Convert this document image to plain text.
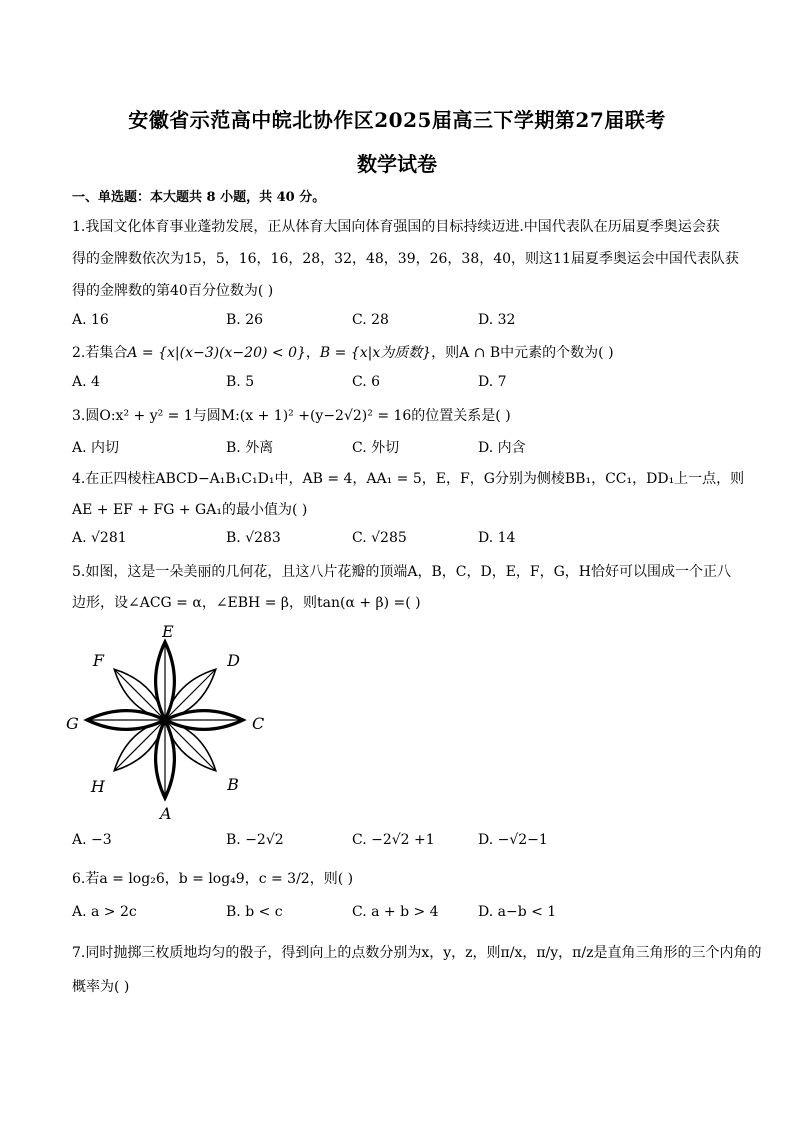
安徽省示范高中皖北协作区2025届高三下学期第27届联考
数学试卷
一、单选题：本大题共 8 小题，共 40 分。
1.我国文化体育事业蓬勃发展，正从体育大国向体育强国的目标持续迈进.中国代表队在历届夏季奥运会获
得的金牌数依次为15，5，16，16，28，32，48，39，26，38，40，则这11届夏季奥运会中国代表队获
得的金牌数的第40百分位数为( )
A. 16	B. 26	C. 28	D. 32
2.若集合A = {x|(x−3)(x−20) < 0}，B = {x|x为质数}，则A ∩ B中元素的个数为( )
A. 4	B. 5	C. 6	D. 7
3.圆O:x² + y² = 1与圆M:(x + 1)² +(y−2√2)² = 16的位置关系是( )
A. 内切	B. 外离	C. 外切	D. 内含
4.在正四棱柱ABCD−A₁B₁C₁D₁中，AB = 4，AA₁ = 5，E，F，G分别为侧棱BB₁，CC₁，DD₁上一点，则
AE + EF + FG + GA₁的最小值为( )
A. √281	B. √283	C. √285	D. 14
5.如图，这是一朵美丽的几何花，且这八片花瓣的顶端A，B，C，D，E，F，G，H恰好可以围成一个正八
边形，设∠ACG = α，∠EBH = β，则tan(α + β) =( )
E
D
C
B
A
H
G
F
A. −3	B. −2√2	C. −2√2 +1	D. −√2−1
6.若a = log₂6，b = log₄9，c = 3/2，则( )
A. a > 2c	B. b < c	C. a + b > 4	D. a−b < 1
7.同时抛掷三枚质地均匀的骰子，得到向上的点数分别为x，y，z，则π/x，π/y，π/z是直角三角形的三个内角的
概率为( )
